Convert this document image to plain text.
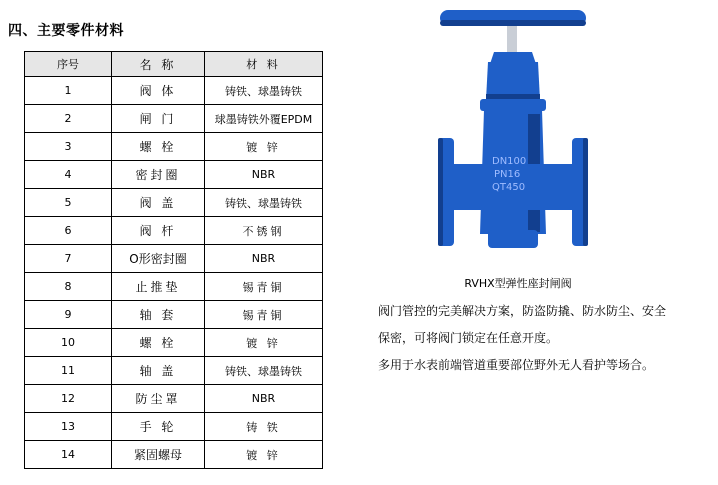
四、主要零件材料
序号	名 称	材 料
1	阀 体	铸铁、球墨铸铁
2	闸 门	球墨铸铁外覆EPDM
3	螺 栓	镀 锌
4	密封圈	NBR
5	阀 盖	铸铁、球墨铸铁
6	阀 杆	不锈钢
7	O形密封圈	NBR
8	止推垫	锡青铜
9	轴 套	锡青铜
10	螺 栓	镀 锌
11	轴 盖	铸铁、球墨铸铁
12	防尘罩	NBR
13	手 轮	铸 铁
14	紧固螺母	镀 锌
DN100
PN16
QT450
RVHX型弹性座封闸阀

阀门管控的完美解决方案，防盗防撬、防水防尘、安全

保密，可将阀门锁定在任意开度。

多用于水表前端管道重要部位野外无人看护等场合。
